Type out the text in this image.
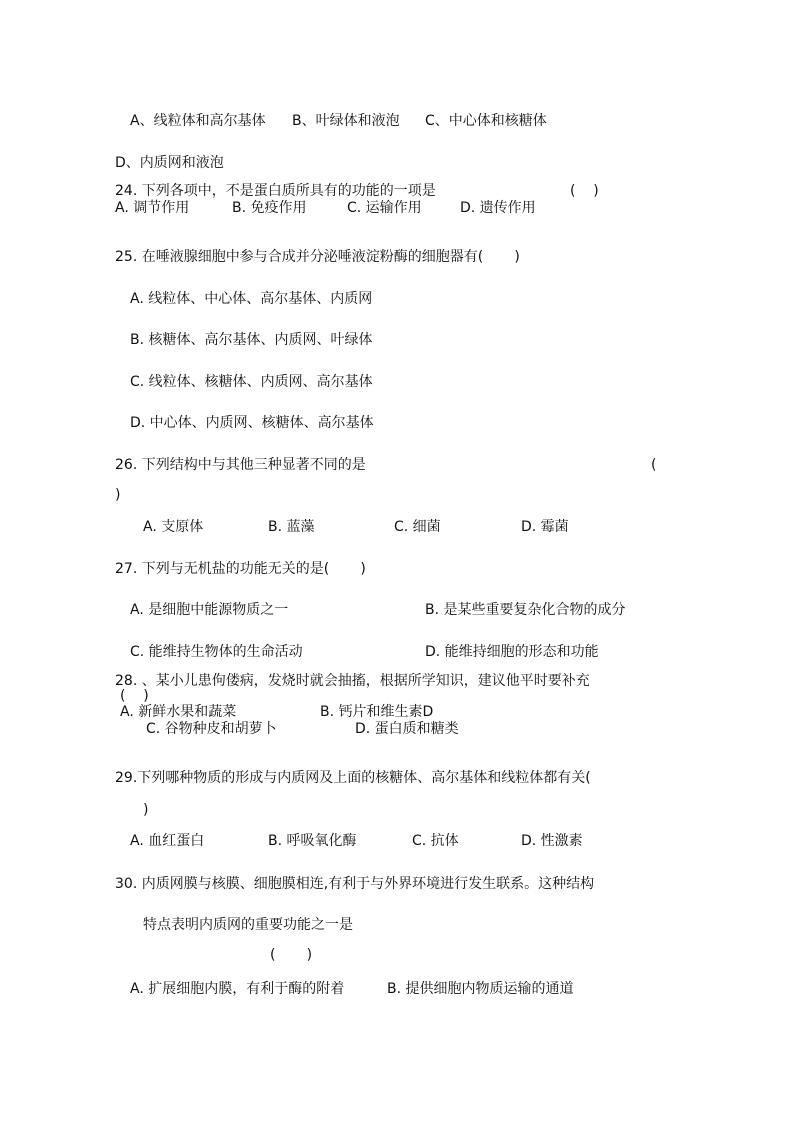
A、线粒体和高尔基体 B、叶绿体和液泡 C、中心体和核糖体
D、内质网和液泡
24. 下列各项中，不是蛋白质所具有的功能的一项是	(    )
A. 调节作用	B. 免疫作用	C. 运输作用	D. 遗传作用
25. 在唾液腺细胞中参与合成并分泌唾液淀粉酶的细胞器有(       )
A. 线粒体、中心体、高尔基体、内质网
B. 核糖体、高尔基体、内质网、叶绿体
C. 线粒体、核糖体、内质网、高尔基体
D. 中心体、内质网、核糖体、高尔基体
26. 下列结构中与其他三种显著不同的是	(
)
A. 支原体	B. 蓝藻	C. 细菌	D. 霉菌
27. 下列与无机盐的功能无关的是(       )
A. 是细胞中能源物质之一	B. 是某些重要复杂化合物的成分
C. 能维持生物体的生命活动	D. 能维持细胞的形态和功能
28. 、某小儿患佝偻病，发烧时就会抽搐，根据所学知识，建议他平时要补充
(    )
A. 新鲜水果和蔬菜	B. 钙片和维生素D
C. 谷物种皮和胡萝卜	D. 蛋白质和糖类
29.下列哪种物质的形成与内质网及上面的核糖体、高尔基体和线粒体都有关(
)
A. 血红蛋白	B. 呼吸氧化酶	C. 抗体	D. 性激素
30. 内质网膜与核膜、细胞膜相连,有利于与外界环境进行发生联系。这种结构
特点表明内质网的重要功能之一是
(       )
A. 扩展细胞内膜，有利于酶的附着	B. 提供细胞内物质运输的通道
